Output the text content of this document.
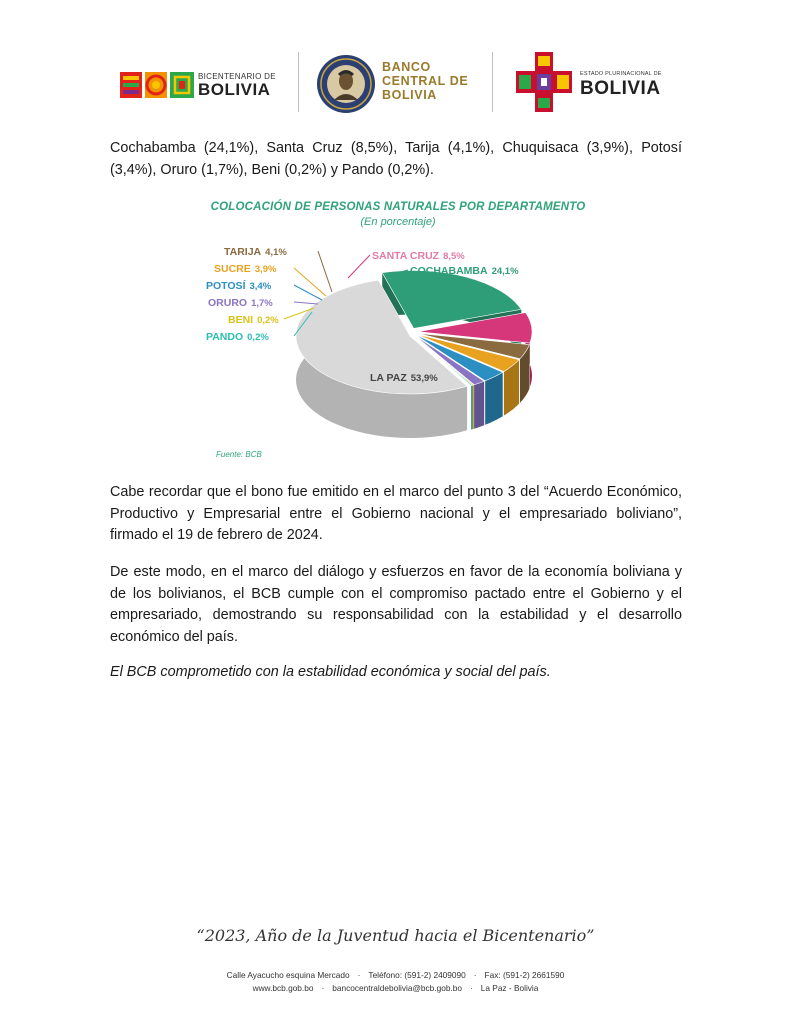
BICENTENARIO DE
BOLIVIA
BANCO
CENTRAL DE
BOLIVIA
ESTADO PLURINACIONAL DE
BOLIVIA
Cochabamba (24,1%), Santa Cruz (8,5%), Tarija (4,1%), Chuquisaca (3,9%), Potosí (3,4%), Oruro (1,7%), Beni (0,2%) y Pando (0,2%).
COLOCACIÓN DE PERSONAS NATURALES POR DEPARTAMENTO
(En porcentaje)
COCHABAMBA 24,1%
SANTA CRUZ 8,5%
TARIJA 4,1%
SUCRE 3,9%
POTOSÍ 3,4%
ORURO 1,7%
BENI 0,2%
PANDO 0,2%
LA PAZ 53,9%
Fuente: BCB
Cabe recordar que el bono fue emitido en el marco del punto 3 del “Acuerdo Económico, Productivo y Empresarial entre el Gobierno nacional y el empresariado boliviano”, firmado el 19 de febrero de 2024.
De este modo, en el marco del diálogo y esfuerzos en favor de la economía boliviana y de los bolivianos, el BCB cumple con el compromiso pactado entre el Gobierno y el empresariado, demostrando su responsabilidad con la estabilidad y el desarrollo económico del país.
El BCB comprometido con la estabilidad económica y social del país.
“2023, Año de la Juventud hacia el Bicentenario”
Calle Ayacucho esquina Mercado · Teléfono: (591-2) 2409090 · Fax: (591-2) 2661590
www.bcb.gob.bo · bancocentraldebolivia@bcb.gob.bo · La Paz - Bolivia
